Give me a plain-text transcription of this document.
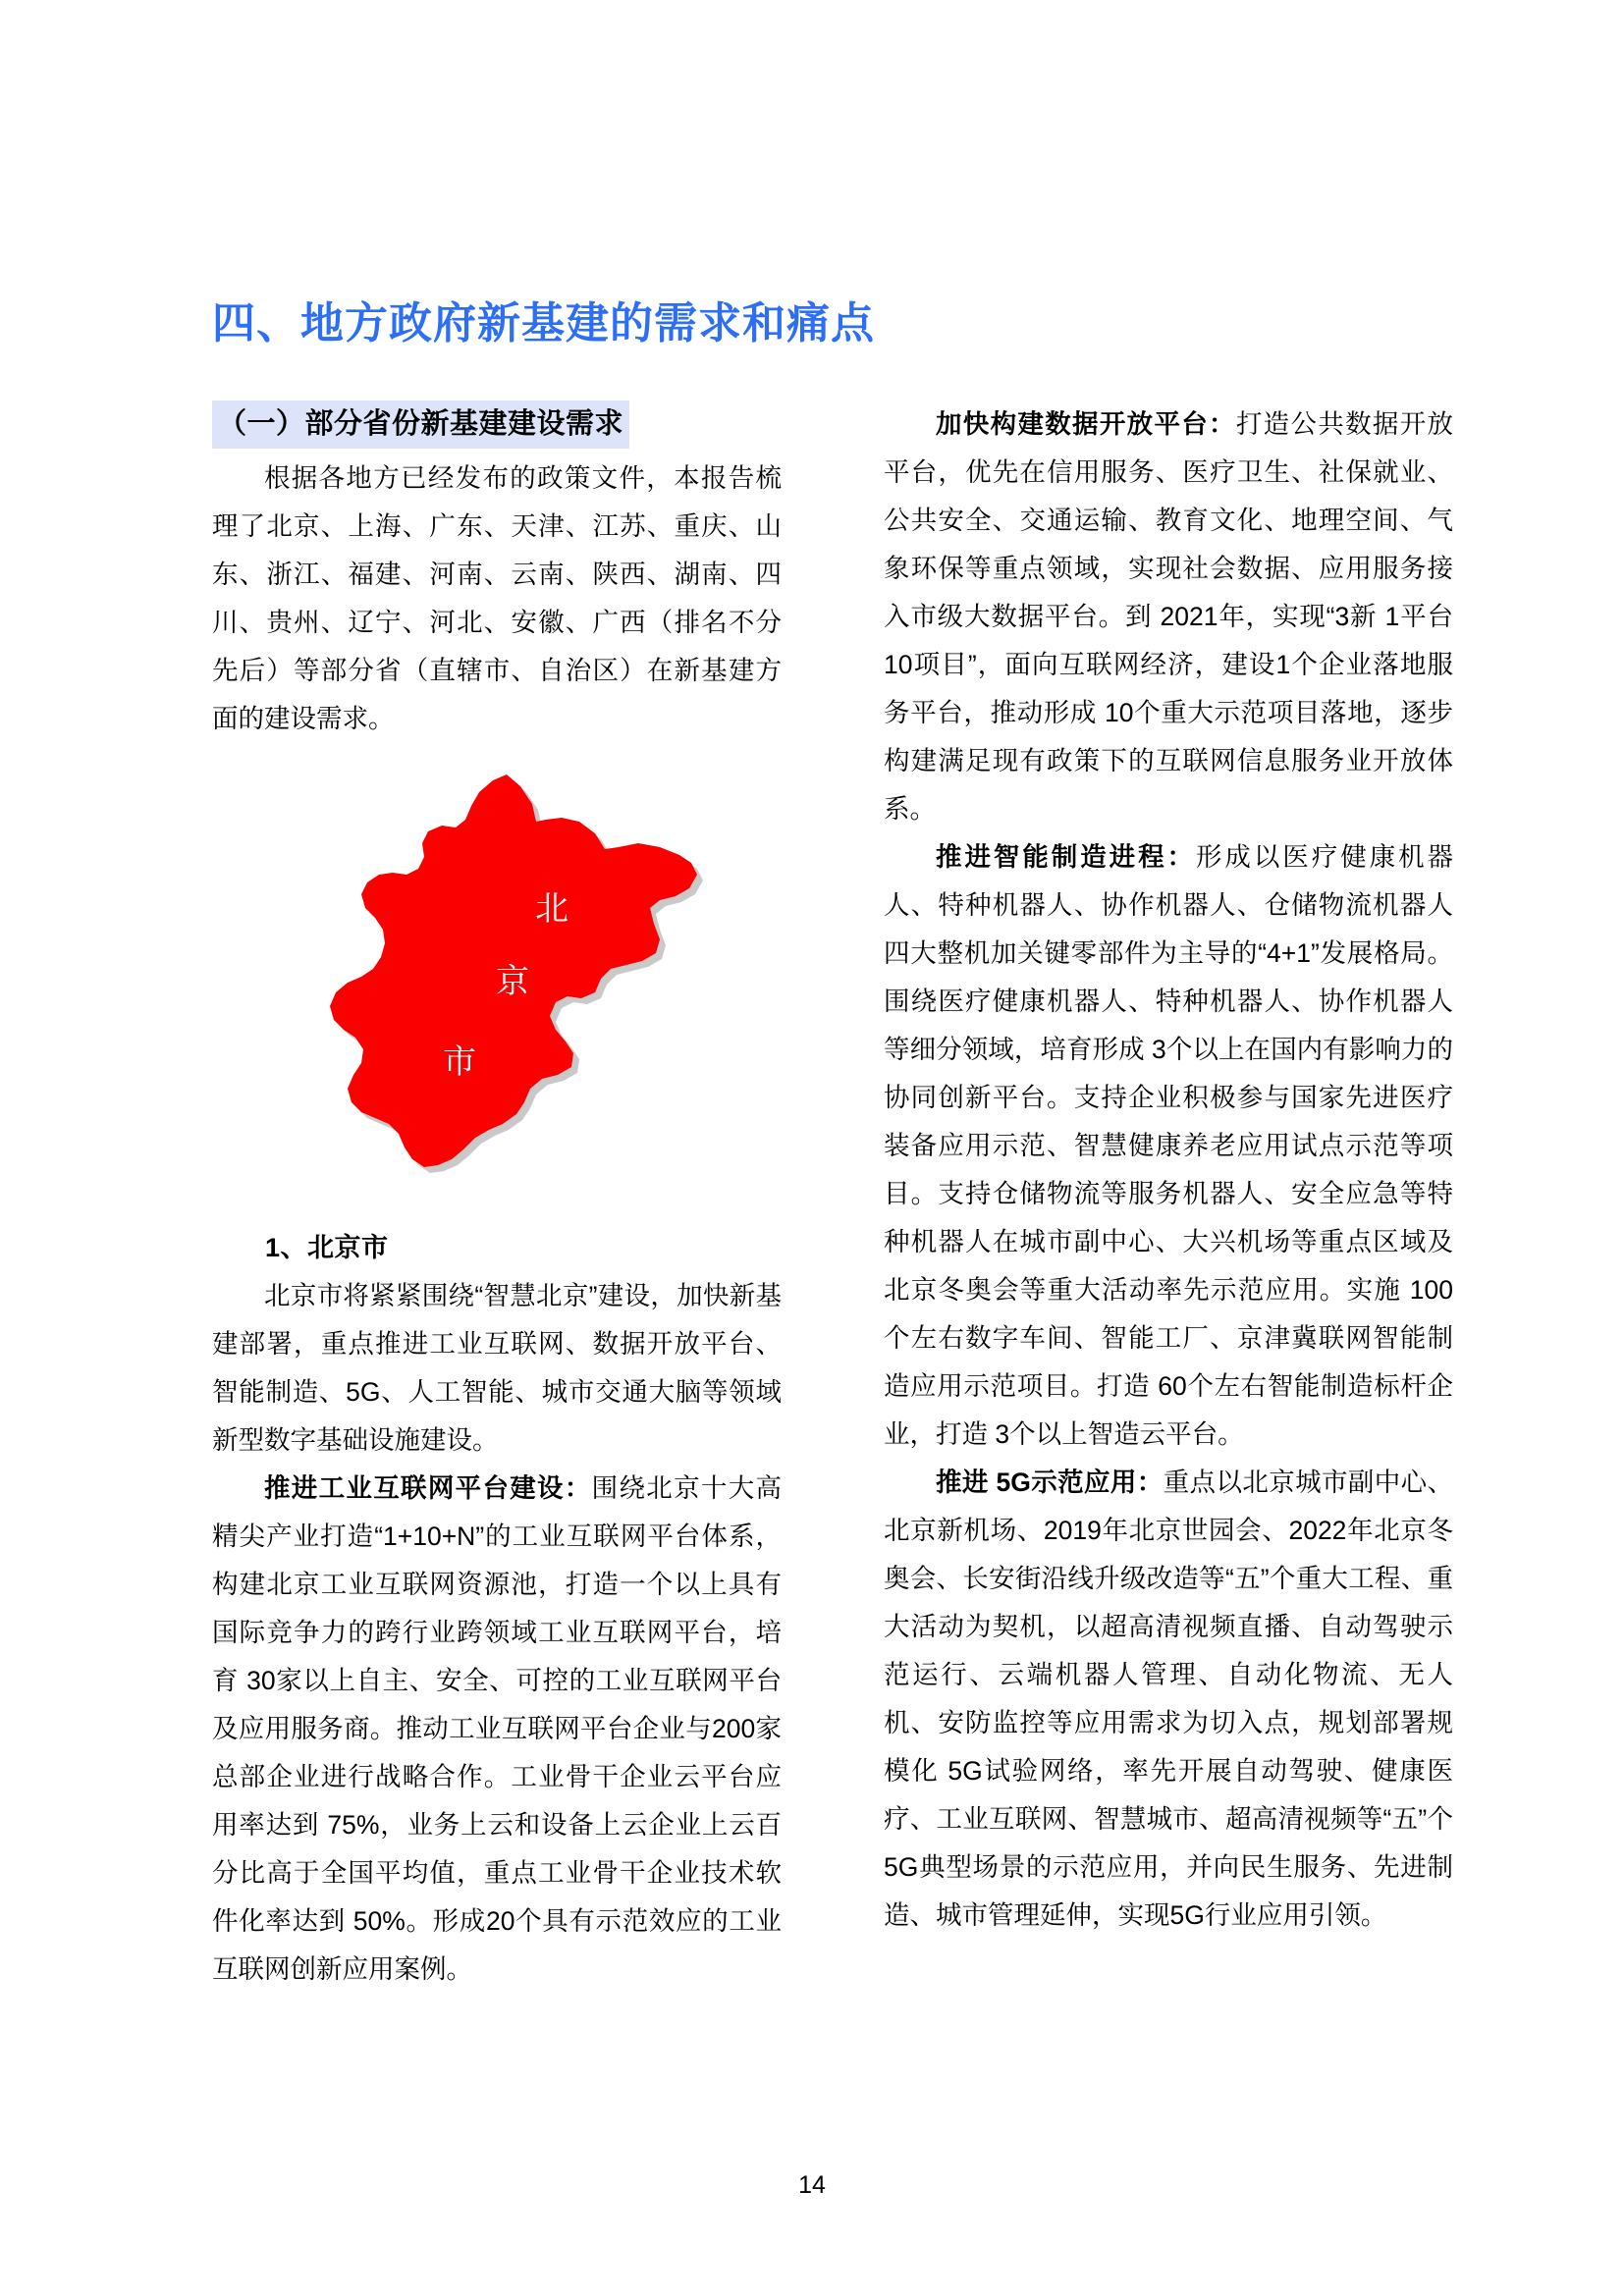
四、地方政府新基建的需求和痛点
（一）部分省份新基建建设需求

根据各地方已经发布的政策文件，本报告梳理了北京、上海、广东、天津、江苏、重庆、山东、浙江、福建、河南、云南、陕西、湖南、四川、贵州、辽宁、河北、安徽、广西（排名不分先后）等部分省（直辖市、自治区）在新基建方面的建设需求。

北
京
市

1、北京市

北京市将紧紧围绕“智慧北京”建设，加快新基建部署，重点推进工业互联网、数据开放平台、智能制造、5G、人工智能、城市交通大脑等领域新型数字基础设施建设。

推进工业互联网平台建设：围绕北京十大高精尖产业打造“1+10+N”的工业互联网平台体系，构建北京工业互联网资源池，打造一个以上具有国际竞争力的跨行业跨领域工业互联网平台，培育 30家以上自主、安全、可控的工业互联网平台及应用服务商。推动工业互联网平台企业与200家总部企业进行战略合作。工业骨干企业云平台应用率达到 75%，业务上云和设备上云企业上云百分比高于全国平均值，重点工业骨干企业技术软件化率达到 50%。形成20个具有示范效应的工业互联网创新应用案例。

加快构建数据开放平台：打造公共数据开放平台，优先在信用服务、医疗卫生、社保就业、公共安全、交通运输、教育文化、地理空间、气象环保等重点领域，实现社会数据、应用服务接入市级大数据平台。到 2021年，实现“3新 1平台 10项目”，面向互联网经济，建设1个企业落地服务平台，推动形成 10个重大示范项目落地，逐步构建满足现有政策下的互联网信息服务业开放体系。

推进智能制造进程：形成以医疗健康机器人、特种机器人、协作机器人、仓储物流机器人四大整机加关键零部件为主导的“4+1”发展格局。围绕医疗健康机器人、特种机器人、协作机器人等细分领域，培育形成 3个以上在国内有影响力的协同创新平台。支持企业积极参与国家先进医疗装备应用示范、智慧健康养老应用试点示范等项目。支持仓储物流等服务机器人、安全应急等特种机器人在城市副中心、大兴机场等重点区域及北京冬奥会等重大活动率先示范应用。实施 100个左右数字车间、智能工厂、京津冀联网智能制造应用示范项目。打造 60个左右智能制造标杆企业，打造 3个以上智造云平台。

推进 5G示范应用：重点以北京城市副中心、北京新机场、2019年北京世园会、2022年北京冬奥会、长安街沿线升级改造等“五”个重大工程、重大活动为契机，以超高清视频直播、自动驾驶示范运行、云端机器人管理、自动化物流、无人机、安防监控等应用需求为切入点，规划部署规模化 5G试验网络，率先开展自动驾驶、健康医疗、工业互联网、智慧城市、超高清视频等“五”个 5G典型场景的示范应用，并向民生服务、先进制造、城市管理延伸，实现5G行业应用引领。

14
